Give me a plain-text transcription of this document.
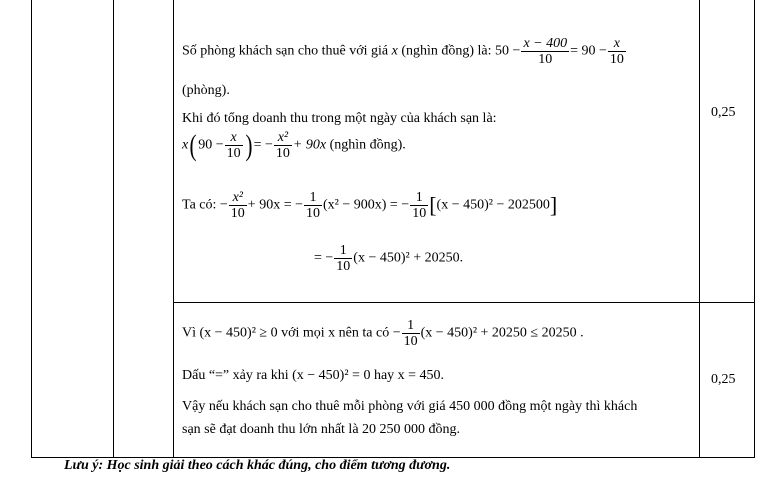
Số phòng khách sạn cho thuê với giá x (nghìn đồng) là: $50 - \frac{x - 400}{10} = 90 - \frac{x}{10}$
(phòng).
Khi đó tổng doanh thu trong một ngày của khách sạn là:
x( $90 - \frac{x}{10}$ ) = − $\frac{\text{x²}}{10} + 90x$ (nghìn đồng).
Ta có: − $\frac{\text{x²}}{10} + 90x$ = − $\frac{1}{10} (x^2 - 900x)$ = − $\frac{1}{10} [(x - 450)^2 - 202500]$
= − $\frac{1}{10} (x - 450)^2 + 20250$.
0,25
Vì (x − 450)² ≥ 0 với mọi x nên ta có − $\frac{1}{10} (x - 450)^2 + 20250 \le 20250$ .
Dấu “=” xảy ra khi (x − 450)² = 0 hay x = 450.
Vậy nếu khách sạn cho thuê mỗi phòng với giá 450 000 đồng một ngày thì khách
sạn sẽ đạt doanh thu lớn nhất là 20 250 000 đồng.
0,25
Lưu ý: Học sinh giải theo cách khác đúng, cho điểm tương đương.
